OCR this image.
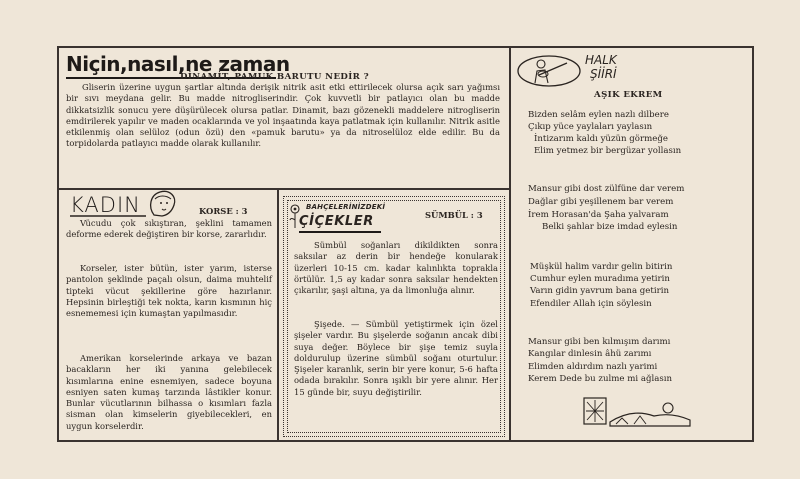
Niçin,nasıl,ne zaman
DİNAMİT, PAMUK BARUTU NEDİR ?

Gliserin üzerine uygun şartlar altında derişik nitrik asit etki ettirilecek olursa açık sarı yağımsı bir sıvı meydana gelir. Bu madde nitrogliserindir. Çok kuvvetli bir patlayıcı olan bu madde dikkatsizlik sonucu yere düşürülecek olursa patlar. Dinamit, bazı gözenekli maddelere nitrogliserin emdirilerek yapılır ve maden ocaklarında ve yol inşaatında kaya patlatmak için kullanılır. Nitrik asitle etkilenmiş olan selüloz (odun özü) den «pamuk barutu» ya da nitroselüloz elde edilir. Bu da torpidolarda patlayıcı madde olarak kullanılır.

KADIN	KORSE : 3

Vücudu çok sıkıştıran, şeklini tamamen deforme ederek değiştiren bir korse, zararlıdır.

Korseler, ister bütün, ister yarım, isterse pantolon şeklinde paçalı olsun, daima muhtelif tipteki vücut şekillerine göre hazırlanır. Hepsinin birleştiği tek nokta, karın kısmının hiç esnememesi için kumaştan yapılmasıdır.

Amerikan korselerinde arkaya ve bazan bacakların her iki yanına gelebilecek kısımlarına enine esnemiyen, sadece boyuna esniyen saten kumaş tarzında lâstikler konur. Bunlar vücutlarının bilhassa o kısımları fazla sisman olan kimselerin giyebilecekleri, en uygun korselerdir.

BAHÇELERİNİZDEKİ
ÇİÇEKLER	SÜMBÜL : 3

Sümbül soğanları dikildikten sonra saksılar az derin bir hendeğe konularak üzerleri 10-15 cm. kadar kalınlıkta toprakla örtülür. 1,5 ay kadar sonra saksılar hendekten çıkarılır, şaşi altına, ya da limonluğa alınır.

Şişede. — Sümbül yetiştirmek için özel şişeler vardır. Bu şişelerde soğanın ancak dibi suya değer. Böylece bir şişe temiz suyla doldurulup üzerine sümbül soğanı oturtulur. Şişeler karanlık, serin bir yere konur, 5-6 hafta odada bırakılır. Sonra ışıklı bir yere alınır. Her 15 günde bir, suyu değiştirilir.

HALK
ŞİİRİ
AŞIK EKREM

Bizden selâm eylen nazlı dilbere

Çıkıp yüce yaylaları yaylasın

İntizarım kaldı yüzün görmeğe

Elim yetmez bir bergüzar yollasın

Mansur gibi dost zülfüne dar verem

Dağlar gibi yeşillenem bar verem

İrem Horasan'da Şaha yalvaram

Belki şahlar bize imdad eylesin

Müşkül halim vardır gelin bitirin

Cumhur eylen muradıma yetirin

Varın gidin yavrum bana getirin

Efendiler Allah için söylesin

Mansur gibi ben kılmışım darımı

Kangılar dinlesin âhü zarımı

Elimden aldırdım nazlı yarimi

Kerem Dede bu zulme mi ağlasın
